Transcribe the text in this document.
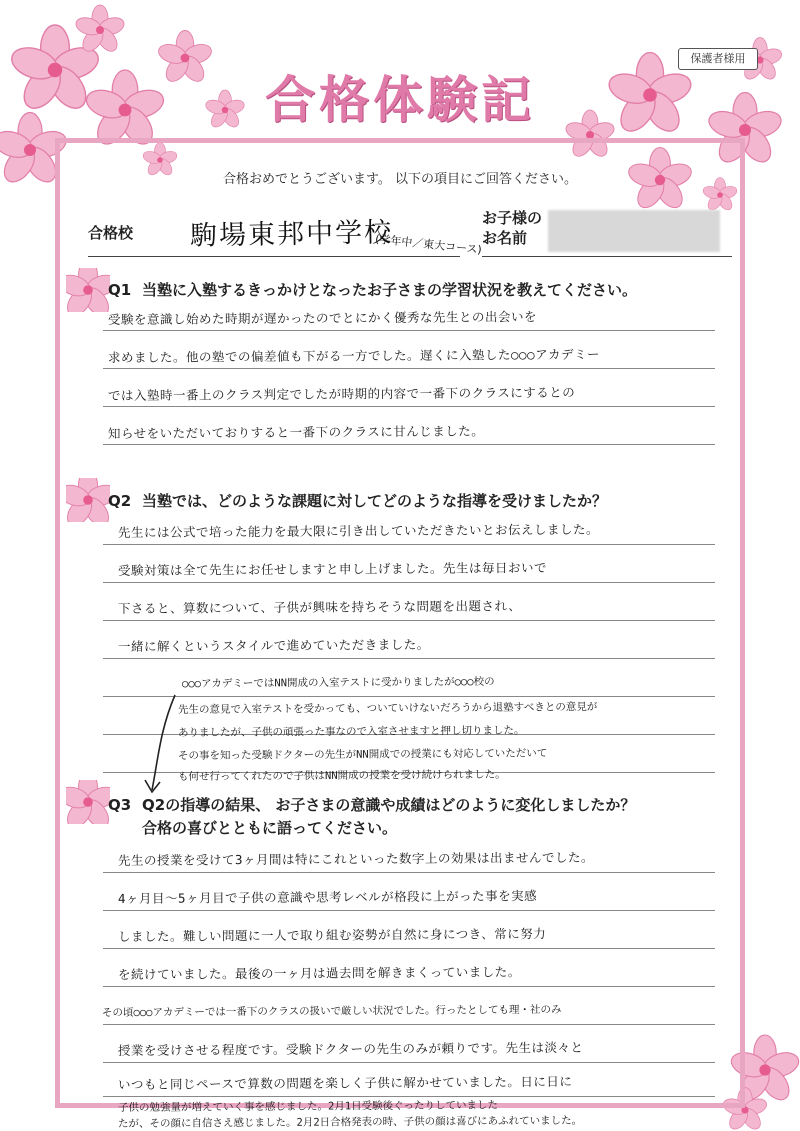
保護者様用
合格体験記
合格おめでとうございます。 以下の項目にご回答ください。
合格校 駒場東邦中学校
(学年中／東大コース)
お子様の
お名前
Q1 当塾に入塾するきっかけとなったお子さまの学習状況を教えてください。
受験を意識し始めた時期が遅かったのでとにかく優秀な先生との出会いを
求めました。他の塾での偏差値も下がる一方でした。遅くに入塾した○○○アカデミー
では入塾時一番上のクラス判定でしたが時期的内容で一番下のクラスにするとの
知らせをいただいておりすると一番下のクラスに甘んじました。
Q2 当塾では、どのような課題に対してどのような指導を受けましたか？
先生には公式で培った能力を最大限に引き出していただきたいとお伝えしました。
受験対策は全て先生にお任せしますと申し上げました。先生は毎日おいで
下さると、算数について、子供が興味を持ちそうな問題を出題され、
一緒に解くというスタイルで進めていただきました。
○○○アカデミーではNN開成の入室テストに受かりましたが○○○校の
先生の意見で入室テストを受かっても、ついていけないだろうから退塾すべきとの意見が
ありましたが、子供の頑張った事なので入室させますと押し切りました。
その事を知った受験ドクターの先生がNN開成での授業にも対応していただいて
も何せ行ってくれたので子供はNN開成の授業を受け続けられました。
Q3 Q2の指導の結果、 お子さまの意識や成績はどのように変化しましたか？
合格の喜びとともに語ってください。
先生の授業を受けて3ヶ月間は特にこれといった数字上の効果は出ませんでした。
4ヶ月目～5ヶ月目で子供の意識や思考レベルが格段に上がった事を実感
しました。難しい問題に一人で取り組む姿勢が自然に身につき、常に努力
を続けていました。最後の一ヶ月は過去問を解きまくっていました。
その頃○○○アカデミーでは一番下のクラスの扱いで厳しい状況でした。行ったとしても理・社のみ
授業を受けさせる程度です。受験ドクターの先生のみが頼りです。先生は淡々と
いつもと同じペースで算数の問題を楽しく子供に解かせていました。日に日に
子供の勉強量が増えていく事を感じました。2月1日受験後ぐったりしていました
たが、その顔に自信さえ感じました。2月2日合格発表の時、子供の顔は喜びにあふれていました。
